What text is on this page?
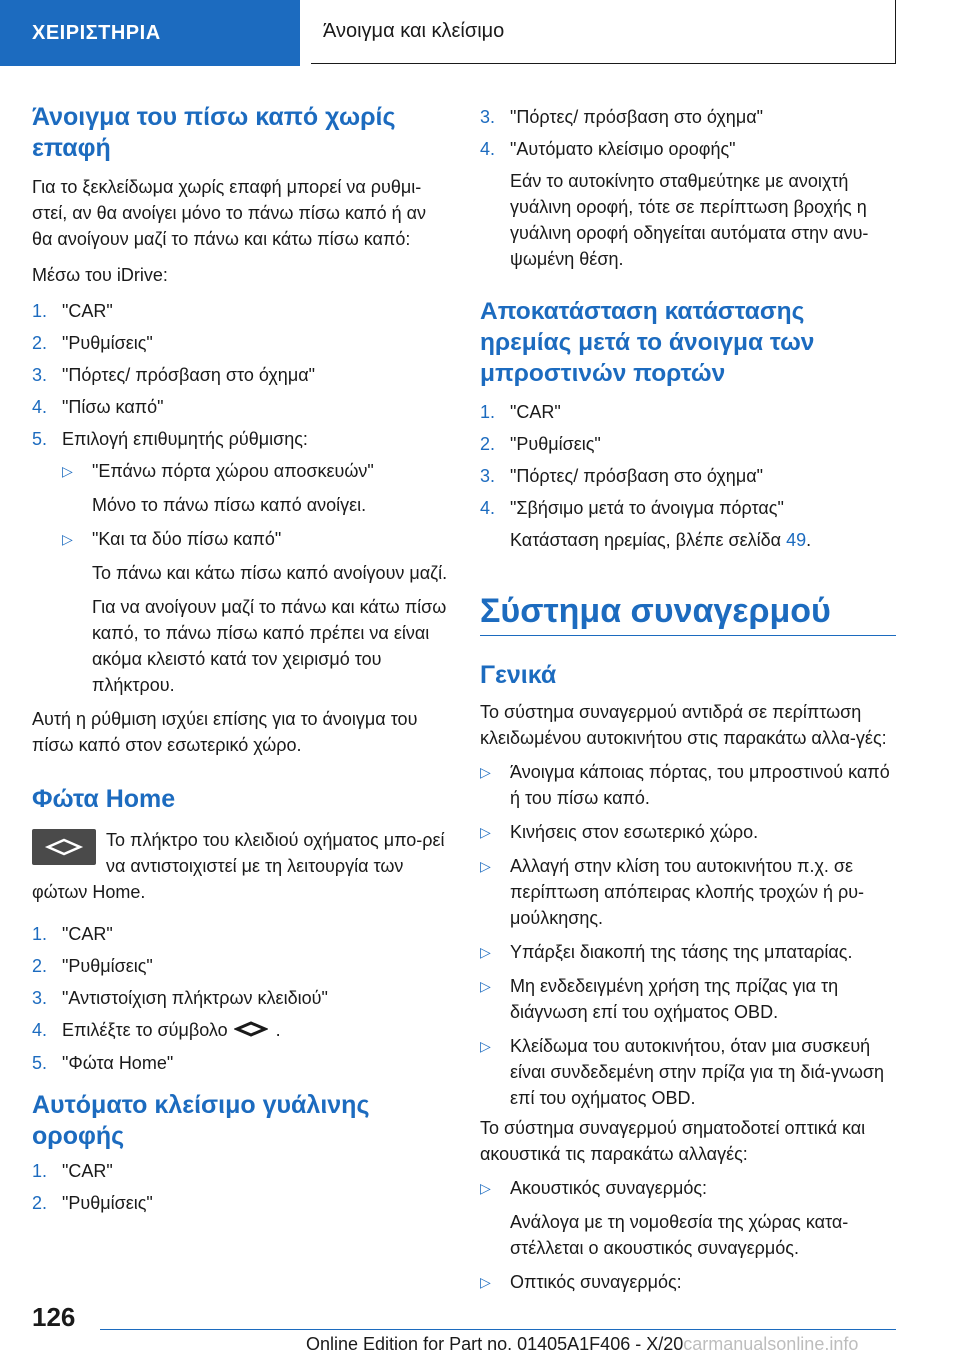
ΧΕΙΡΙΣΤΗΡΙΑ	Άνοιγμα και κλείσιμο
Άνοιγμα του πίσω καπό χωρίς επαφή

Για το ξεκλείδωμα χωρίς επαφή μπορεί να ρυθμι-στεί, αν θα ανοίγει μόνο το πάνω πίσω καπό ή αν θα ανοίγουν μαζί το πάνω και κάτω πίσω καπό:

Μέσω του iDrive:

1. "CAR"
2. "Ρυθμίσεις"
3. "Πόρτες/ πρόσβαση στο όχημα"
4. "Πίσω καπό"
5. Επιλογή επιθυμητής ρύθμισης:
▷ "Επάνω πόρτα χώρου αποσκευών"
Μόνο το πάνω πίσω καπό ανοίγει.
▷ "Και τα δύο πίσω καπό"
Το πάνω και κάτω πίσω καπό ανοίγουν μαζί.
Για να ανοίγουν μαζί το πάνω και κάτω πίσω καπό, το πάνω πίσω καπό πρέπει να είναι ακόμα κλειστό κατά τον χειρισμό του πλήκτρου.

Αυτή η ρύθμιση ισχύει επίσης για το άνοιγμα του πίσω καπό στον εσωτερικό χώρο.

Φώτα Home

Το πλήκτρο του κλειδιού οχήματος μπο-ρεί να αντιστοιχιστεί με τη λειτουργία των φώτων Home.

1. "CAR"
2. "Ρυθμίσεις"
3. "Αντιστοίχιση πλήκτρων κλειδιού"
4. Επιλέξτε το σύμβολο	.
5. "Φώτα Home"
Αυτόματο κλείσιμο γυάλινης οροφής
1. "CAR"
2. "Ρυθμίσεις"
3. "Πόρτες/ πρόσβαση στο όχημα"
4. "Αυτόματο κλείσιμο οροφής"
Εάν το αυτοκίνητο σταθμεύτηκε με ανοιχτή γυάλινη οροφή, τότε σε περίπτωση βροχής η γυάλινη οροφή οδηγείται αυτόματα στην ανυ-ψωμένη θέση.
Αποκατάσταση κατάστασης ηρεμίας μετά το άνοιγμα των μπροστινών πορτών
1. "CAR"
2. "Ρυθμίσεις"
3. "Πόρτες/ πρόσβαση στο όχημα"
4. "Σβήσιμο μετά το άνοιγμα πόρτας"
Κατάσταση ηρεμίας, βλέπε σελίδα 49.
Σύστημα συναγερμού
Γενικά

Το σύστημα συναγερμού αντιδρά σε περίπτωση κλειδωμένου αυτοκινήτου στις παρακάτω αλλα-γές:

▷ Άνοιγμα κάποιας πόρτας, του μπροστινού καπό ή του πίσω καπό.
▷ Κινήσεις στον εσωτερικό χώρο.
▷ Αλλαγή στην κλίση του αυτοκινήτου π.χ. σε περίπτωση απόπειρας κλοπής τροχών ή ρυ-μούλκησης.
▷ Υπάρξει διακοπή της τάσης της μπαταρίας.
▷ Μη ενδεδειγμένη χρήση της πρίζας για τη διάγνωση επί του οχήματος OBD.
▷ Κλείδωμα του αυτοκινήτου, όταν μια συσκευή είναι συνδεδεμένη στην πρίζα για τη διά-γνωση επί του οχήματος OBD.

Το σύστημα συναγερμού σηματοδοτεί οπτικά και ακουστικά τις παρακάτω αλλαγές:

▷ Ακουστικός συναγερμός:
Ανάλογα με τη νομοθεσία της χώρας κατα-στέλλεται ο ακουστικός συναγερμός.
▷ Οπτικός συναγερμός:
126
Online Edition for Part no. 01405A1F406 - X/20carmanualsonline.info
